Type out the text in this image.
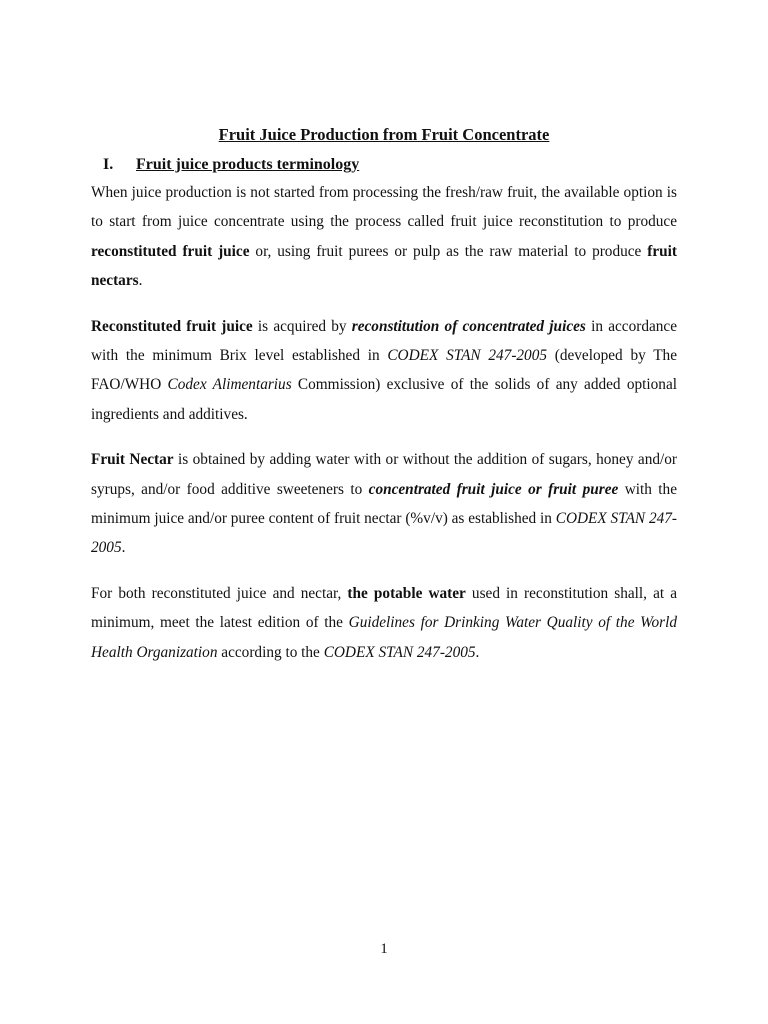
Fruit Juice Production from Fruit Concentrate
I.	Fruit juice products terminology

When juice production is not started from processing the fresh/raw fruit, the available option is to start from juice concentrate using the process called fruit juice reconstitution to produce reconstituted fruit juice or, using fruit purees or pulp as the raw material to produce fruit nectars.

Reconstituted fruit juice is acquired by reconstitution of concentrated juices in accordance with the minimum Brix level established in CODEX STAN 247-2005 (developed by The FAO/WHO Codex Alimentarius Commission) exclusive of the solids of any added optional ingredients and additives.

Fruit Nectar is obtained by adding water with or without the addition of sugars, honey and/or syrups, and/or food additive sweeteners to concentrated fruit juice or fruit puree with the minimum juice and/or puree content of fruit nectar (%v/v) as established in CODEX STAN 247-2005.

For both reconstituted juice and nectar, the potable water used in reconstitution shall, at a minimum, meet the latest edition of the Guidelines for Drinking Water Quality of the World Health Organization according to the CODEX STAN 247-2005.

1
